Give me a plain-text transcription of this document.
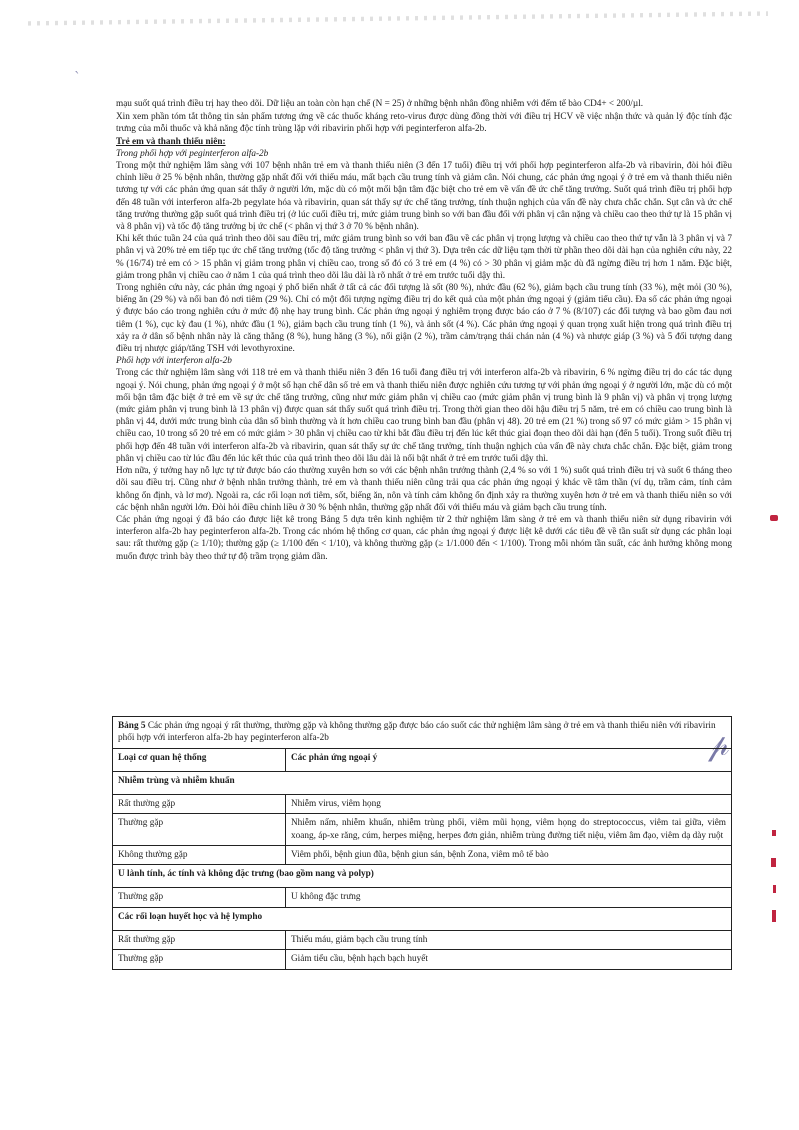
ˋ
𝓅

mạu suốt quá trình điều trị hay theo dõi. Dữ liệu an toàn còn hạn chế (N = 25) ở những bệnh nhân đồng nhiễm với đếm tế bào CD4+ < 200/µl.

Xin xem phần tóm tắt thông tin sản phẩm tương ứng về các thuốc kháng reto-virus được dùng đồng thời với điều trị HCV về việc nhận thức và quản lý độc tính đặc trưng của mỗi thuốc và khả năng độc tính trùng lặp với ribavirin phối hợp với peginterferon alfa-2b.

Trẻ em và thanh thiếu niên:

Trong phối hợp với peginterferon alfa-2b

Trong một thử nghiệm lâm sàng với 107 bệnh nhân trẻ em và thanh thiếu niên (3 đến 17 tuổi) điều trị với phối hợp peginterferon alfa-2b và ribavirin, đòi hỏi điều chỉnh liều ở 25 % bệnh nhân, thường gặp nhất đối với thiếu máu, mất bạch cầu trung tính và giảm cân. Nói chung, các phản ứng ngoại ý ở trẻ em và thanh thiếu niên tương tự với các phản ứng quan sát thấy ở người lớn, mặc dù có một mối bận tâm đặc biệt cho trẻ em về vấn đề ức chế tăng trưởng. Suốt quá trình điều trị phối hợp đến 48 tuần với interferon alfa-2b pegylate hóa và ribavirin, quan sát thấy sự ức chế tăng trưởng, tính thuận nghịch của vấn đề này chưa chắc chắn. Sụt cân và ức chế tăng trưởng thường gặp suốt quá trình điều trị (ở lúc cuối điều trị, mức giảm trung bình so với ban đầu đối với phân vị cân nặng và chiều cao theo thứ tự là 15 phân vị và 8 phân vị) và tốc độ tăng trưởng bị ức chế (< phân vị thứ 3 ở 70 % bệnh nhân).

Khi kết thúc tuần 24 của quá trình theo dõi sau điều trị, mức giảm trung bình so với ban đầu về các phân vị trọng lượng và chiều cao theo thứ tự vẫn là 3 phân vị và 7 phân vị và 20% trẻ em tiếp tục ức chế tăng trưởng (tốc độ tăng trưởng < phân vị thứ 3). Dựa trên các dữ liệu tạm thời từ phần theo dõi dài hạn của nghiên cứu này, 22 % (16/74) trẻ em có > 15 phân vị giảm trong phân vị chiều cao, trong số đó có 3 trẻ em (4 %) có > 30 phân vị giảm mặc dù đã ngừng điều trị hơn 1 năm. Đặc biệt, giảm trong phân vị chiều cao ở năm 1 của quá trình theo dõi lâu dài là rõ nhất ở trẻ em trước tuổi dậy thì.

Trong nghiên cứu này, các phản ứng ngoại ý phổ biến nhất ở tất cả các đối tượng là sốt (80 %), nhức đầu (62 %), giảm bạch cầu trung tính (33 %), mệt mỏi (30 %), biếng ăn (29 %) và nổi ban đỏ nơi tiêm (29 %). Chỉ có một đối tượng ngừng điều trị do kết quả của một phản ứng ngoại ý (giảm tiểu cầu). Đa số các phản ứng ngoại ý được báo cáo trong nghiên cứu ở mức độ nhẹ hay trung bình. Các phản ứng ngoại ý nghiêm trọng được báo cáo ở 7 % (8/107) các đối tượng và bao gồm đau nơi tiêm (1 %), cục kỳ đau (1 %), nhức đầu (1 %), giảm bạch cầu trung tính (1 %), và ảnh sốt (4 %). Các phản ứng ngoại ý quan trọng xuất hiện trong quá trình điều trị xảy ra ở dân số bệnh nhân này là căng thẳng (8 %), hung hăng (3 %), nổi giận (2 %), trầm cảm/trạng thái chán nản (4 %) và nhược giáp (3 %) và 5 đối tượng dang điều trị nhược giáp/tăng TSH với levothyroxine.

Phối hợp với interferon alfa-2b

Trong các thử nghiệm lâm sàng với 118 trẻ em và thanh thiếu niên 3 đến 16 tuổi đang điều trị với interferon alfa-2b và ribavirin, 6 % ngừng điều trị do các tác dụng ngoại ý. Nói chung, phản ứng ngoại ý ở một số hạn chế dân số trẻ em và thanh thiếu niên được nghiên cứu tương tự với phản ứng ngoại ý ở người lớn, mặc dù có một mối bận tâm đặc biệt ở trẻ em về sự ức chế tăng trưởng, cũng như mức giảm phân vị chiều cao (mức giảm phân vị trung bình là 9 phân vị) và phân vị trọng lượng (mức giảm phân vị trung bình là 13 phân vị) được quan sát thấy suốt quá trình điều trị. Trong thời gian theo dõi hậu điều trị 5 năm, trẻ em có chiều cao trung bình là phân vị 44, dưới mức trung bình của dân số bình thường và ít hơn chiều cao trung bình ban đầu (phân vị 48). 20 trẻ em (21 %) trong số 97 có mức giảm > 15 phân vị chiều cao, 10 trong số 20 trẻ em có mức giảm > 30 phân vị chiều cao từ khi bắt đầu điều trị đến lúc kết thúc giai đoạn theo dõi dài hạn (đến 5 tuổi). Trong suốt điều trị phối hợp đến 48 tuần với interferon alfa-2b và ribavirin, quan sát thấy sự ức chế tăng trưởng, tính thuận nghịch của vấn đề này chưa chắc chắn. Đặc biệt, giảm trong phân vị chiều cao từ lúc đầu đến lúc kết thúc của quá trình theo dõi lâu dài là nổi bật nhất ở trẻ em trước tuổi dậy thì.

Hơn nữa, ý tưởng hay nỗ lực tự tử được báo cáo thường xuyên hơn so với các bệnh nhân trưởng thành (2,4 % so với 1 %) suốt quá trình điều trị và suốt 6 tháng theo dõi sau điều trị. Cũng như ở bệnh nhân trưởng thành, trẻ em và thanh thiếu niên cũng trải qua các phản ứng ngoại ý khác về tâm thần (ví dụ, trầm cảm, tính cảm không ổn định, và lơ mơ). Ngoài ra, các rối loạn nơi tiêm, sốt, biếng ăn, nôn và tính cảm không ổn định xảy ra thường xuyên hơn ở trẻ em và thanh thiếu niên so với các bệnh nhân người lớn. Đòi hỏi điều chỉnh liều ở 30 % bệnh nhân, thường gặp nhất đối với thiếu máu và giảm bạch cầu trung tính.

Các phản ứng ngoại ý đã báo cáo được liệt kê trong Bảng 5 dựa trên kinh nghiệm từ 2 thử nghiệm lâm sàng ở trẻ em và thanh thiếu niên sử dụng ribavirin với interferon alfa-2b hay peginterferon alfa-2b. Trong các nhóm hệ thống cơ quan, các phản ứng ngoại ý được liệt kê dưới các tiêu đề về tần suất sử dụng các phân loại sau: rất thường gặp (≥ 1/10); thường gặp (≥ 1/100 đến < 1/10), và không thường gặp (≥ 1/1.000 đến < 1/100). Trong mỗi nhóm tần suất, các ảnh hưởng không mong muốn được trình bày theo thứ tự độ trầm trọng giảm dần.

Bảng 5 Các phản ứng ngoại ý rất thường, thường gặp và không thường gặp được báo cáo suốt các thử nghiệm lâm sàng ở trẻ em và thanh thiếu niên với ribavirin phối hợp với interferon alfa-2b hay peginterferon alfa-2b	
Loại cơ quan hệ thống	Các phản ứng ngoại ý
Nhiễm trùng và nhiễm khuẩn	
Rất thường gặp	Nhiễm virus, viêm họng
Thường gặp	Nhiễm nấm, nhiễm khuẩn, nhiễm trùng phổi, viêm mũi họng, viêm họng do streptococcus, viêm tai giữa, viêm xoang, áp-xe răng, cúm, herpes miệng, herpes đơn giản, nhiễm trùng đường tiết niệu, viêm âm đạo, viêm dạ dày ruột
Không thường gặp	Viêm phổi, bệnh giun đũa, bệnh giun sán, bệnh Zona, viêm mô tế bào
U lành tính, ác tính và không đặc trưng (bao gồm nang và polyp)	
Thường gặp	U không đặc trưng
Các rối loạn huyết học và hệ lympho	
Rất thường gặp	Thiếu máu, giảm bạch cầu trung tính
Thường gặp	Giảm tiểu cầu, bệnh hạch bạch huyết
